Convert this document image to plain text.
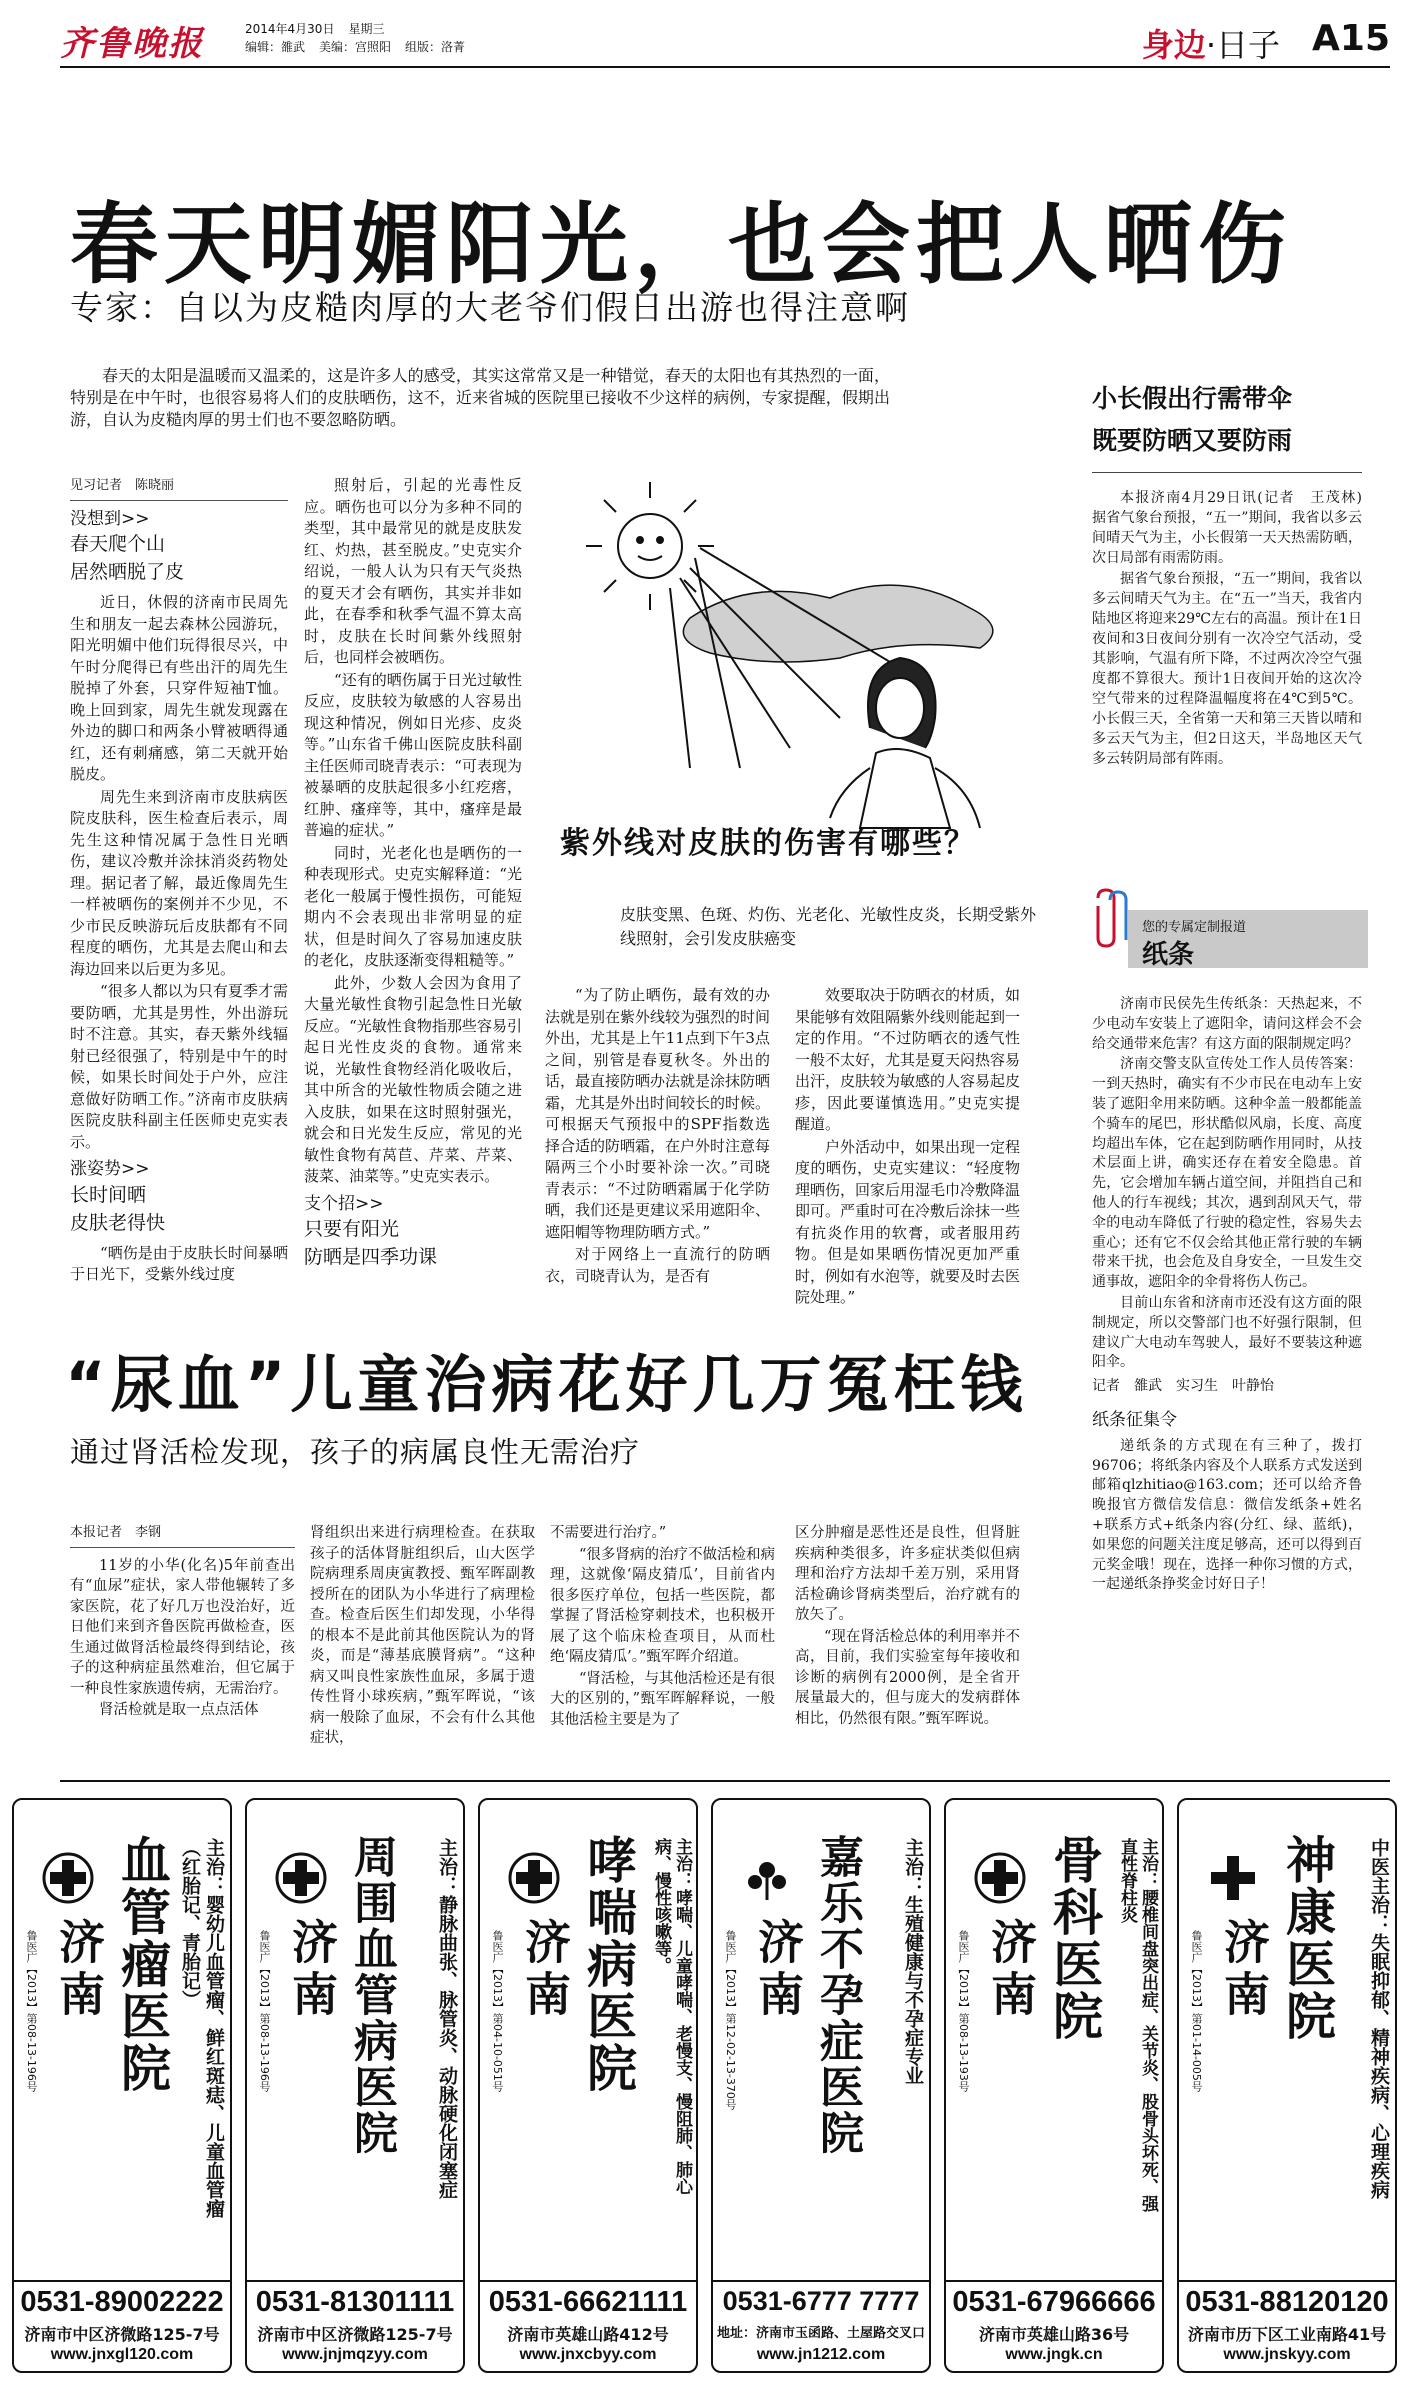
齐鲁晚报	2014年4月30日 星期三
编辑：雒武 美编：宫照阳 组版：洛菁	身边·日子 A15
春天明媚阳光，也会把人晒伤
专家：自以为皮糙肉厚的大老爷们假日出游也得注意啊

春天的太阳是温暖而又温柔的，这是许多人的感受，其实这常常又是一种错觉，春天的太阳也有其热烈的一面，特别是在中午时，也很容易将人们的皮肤晒伤，这不，近来省城的医院里已接收不少这样的病例，专家提醒，假期出游，自认为皮糙肉厚的男士们也不要忽略防晒。

见习记者　陈晓丽
没想到>>
春天爬个山
居然晒脱了皮

近日，休假的济南市民周先生和朋友一起去森林公园游玩，阳光明媚中他们玩得很尽兴，中午时分爬得已有些出汗的周先生脱掉了外套，只穿件短袖T恤。晚上回到家，周先生就发现露在外边的脚口和两条小臂被晒得通红，还有刺痛感，第二天就开始脱皮。

周先生来到济南市皮肤病医院皮肤科，医生检查后表示，周先生这种情况属于急性日光晒伤，建议冷敷并涂抹消炎药物处理。据记者了解，最近像周先生一样被晒伤的案例并不少见，不少市民反映游玩后皮肤都有不同程度的晒伤，尤其是去爬山和去海边回来以后更为多见。

“很多人都以为只有夏季才需要防晒，尤其是男性，外出游玩时不注意。其实，春天紫外线辐射已经很强了，特别是中午的时候，如果长时间处于户外，应注意做好防晒工作。”济南市皮肤病医院皮肤科副主任医师史克实表示。

涨姿势>>
长时间晒
皮肤老得快

“晒伤是由于皮肤长时间暴晒于日光下，受紫外线过度

照射后，引起的光毒性反应。晒伤也可以分为多种不同的类型，其中最常见的就是皮肤发红、灼热，甚至脱皮。”史克实介绍说，一般人认为只有天气炎热的夏天才会有晒伤，其实并非如此，在春季和秋季气温不算太高时，皮肤在长时间紫外线照射后，也同样会被晒伤。

“还有的晒伤属于日光过敏性反应，皮肤较为敏感的人容易出现这种情况，例如日光疹、皮炎等。”山东省千佛山医院皮肤科副主任医师司晓青表示：“可表现为被暴晒的皮肤起很多小红疙瘩，红肿、瘙痒等，其中，瘙痒是最普遍的症状。”

同时，光老化也是晒伤的一种表现形式。史克实解释道：“光老化一般属于慢性损伤，可能短期内不会表现出非常明显的症状，但是时间久了容易加速皮肤的老化，皮肤逐渐变得粗糙等。”

此外，少数人会因为食用了大量光敏性食物引起急性日光敏反应。“光敏性食物指那些容易引起日光性皮炎的食物。通常来说，光敏性食物经消化吸收后，其中所含的光敏性物质会随之进入皮肤，如果在这时照射强光，就会和日光发生反应，常见的光敏性食物有莴苣、芹菜、芹菜、菠菜、油菜等。”史克实表示。

支个招>>
只要有阳光
防晒是四季功课
紫外线对皮肤的伤害有哪些？
皮肤变黑、色斑、灼伤、光老化、光敏性皮炎，长期受紫外线照射，会引发皮肤癌变

“为了防止晒伤，最有效的办法就是别在紫外线较为强烈的时间外出，尤其是上午11点到下午3点之间，别管是春夏秋冬。外出的话，最直接防晒办法就是涂抹防晒霜，尤其是外出时间较长的时候。可根据天气预报中的SPF指数选择合适的防晒霜，在户外时注意每隔两三个小时要补涂一次。”司晓青表示：“不过防晒霜属于化学防晒，我们还是更建议采用遮阳伞、遮阳帽等物理防晒方式。”

对于网络上一直流行的防晒衣，司晓青认为，是否有

效要取决于防晒衣的材质，如果能够有效阻隔紫外线则能起到一定的作用。“不过防晒衣的透气性一般不太好，尤其是夏天闷热容易出汗，皮肤较为敏感的人容易起皮疹，因此要谨慎选用。”史克实提醒道。

户外活动中，如果出现一定程度的晒伤，史克实建议：“轻度物理晒伤，回家后用湿毛巾冷敷降温即可。严重时可在冷敷后涂抹一些有抗炎作用的软膏，或者服用药物。但是如果晒伤情况更加严重时，例如有水泡等，就要及时去医院处理。”

小长假出行需带伞
既要防晒又要防雨

本报济南4月29日讯(记者　王茂林)　据省气象台预报，“五一”期间，我省以多云间晴天气为主，小长假第一天天热需防晒，次日局部有雨需防雨。

据省气象台预报，“五一”期间，我省以多云间晴天气为主。在“五一”当天，我省内陆地区将迎来29℃左右的高温。预计在1日夜间和3日夜间分别有一次冷空气活动，受其影响，气温有所下降，不过两次冷空气强度都不算很大。预计1日夜间开始的这次冷空气带来的过程降温幅度将在4℃到5℃。小长假三天，全省第一天和第三天皆以晴和多云天气为主，但2日这天，半岛地区天气多云转阴局部有阵雨。

您的专属定制报道
纸条

济南市民侯先生传纸条：天热起来，不少电动车安装上了遮阳伞，请问这样会不会给交通带来危害？有这方面的限制规定吗？

济南交警支队宣传处工作人员传答案：一到天热时，确实有不少市民在电动车上安装了遮阳伞用来防晒。这种伞盖一般都能盖个骑车的尾巴，形状酷似风扇，长度、高度均超出车体，它在起到防晒作用同时，从技术层面上讲，确实还存在着安全隐患。首先，它会增加车辆占道空间，并阻挡自己和他人的行车视线；其次，遇到刮风天气，带伞的电动车降低了行驶的稳定性，容易失去重心；还有它不仅会给其他正常行驶的车辆带来干扰，也会危及自身安全，一旦发生交通事故，遮阳伞的伞骨将伤人伤己。

目前山东省和济南市还没有这方面的限制规定，所以交警部门也不好强行限制，但建议广大电动车驾驶人，最好不要装这种遮阳伞。

记者　雒武　实习生　叶静怡
纸条征集令

递纸条的方式现在有三种了，拨打96706；将纸条内容及个人联系方式发送到邮箱qlzhitiao@163.com；还可以给齐鲁晚报官方微信发信息：微信发纸条+姓名+联系方式+纸条内容(分红、绿、蓝纸)，如果您的问题关注度足够高，还可以得到百元奖金哦！现在，选择一种你习惯的方式，一起递纸条挣奖金讨好日子！

“尿血”儿童治病花好几万冤枉钱
通过肾活检发现，孩子的病属良性无需治疗
本报记者　李钢

11岁的小华(化名)5年前查出有“血尿”症状，家人带他辗转了多家医院，花了好几万也没治好，近日他们来到齐鲁医院再做检查，医生通过做肾活检最终得到结论，孩子的这种病症虽然难治，但它属于一种良性家族遗传病，无需治疗。

肾活检就是取一点点活体

肾组织出来进行病理检查。在获取孩子的活体肾脏组织后，山大医学院病理系周庚寅教授、甄军晖副教授所在的团队为小华进行了病理检查。检查后医生们却发现，小华得的根本不是此前其他医院认为的肾炎，而是“薄基底膜肾病”。“这种病又叫良性家族性血尿，多属于遗传性肾小球疾病，”甄军晖说，“该病一般除了血尿，不会有什么其他症状，

不需要进行治疗。”

“很多肾病的治疗不做活检和病理，这就像‘隔皮猜瓜’，目前省内很多医疗单位，包括一些医院，都掌握了肾活检穿刺技术，也积极开展了这个临床检查项目，从而杜绝‘隔皮猜瓜’。”甄军晖介绍道。

“肾活检，与其他活检还是有很大的区别的，”甄军晖解释说，一般其他活检主要是为了

区分肿瘤是恶性还是良性，但肾脏疾病种类很多，许多症状类似但病理和治疗方法却千差万别，采用肾活检确诊肾病类型后，治疗就有的放矢了。

“现在肾活检总体的利用率并不高，目前，我们实验室每年接收和诊断的病例有2000例，是全省开展量最大的，但与庞大的发病群体相比，仍然很有限。”甄军晖说。

鲁医广【2013】第08-13-196号 济南 血管瘤医院	主治：婴幼儿血管瘤、鲜红斑痣、儿童血管瘤（红胎记、青胎记）
0531-89002222
济南市中区济微路125-7号
www.jnxgl120.com
鲁医广【2013】第08-13-196号 济南 周围血管病医院	主治：静脉曲张、脉管炎、动脉硬化闭塞症
0531-81301111
济南市中区济微路125-7号
www.jnjmqzyy.com
鲁医广【2013】第04-10-051号 济南 哮喘病医院	主治：哮喘、儿童哮喘、老慢支、慢阻肺、肺心病、慢性咳嗽等。
0531-66621111
济南市英雄山路412号
www.jnxcbyy.com
鲁医广【2013】第12-02-13-370号 济南 嘉乐不孕症医院	主治：生殖健康与不孕症专业
0531-6777 7777
地址：济南市玉函路、土屋路交叉口
www.jn1212.com
鲁医广【2013】第08-13-193号 济南 骨科医院	主治：腰椎间盘突出症、关节炎、股骨头坏死、强直性脊柱炎
0531-67966666
济南市英雄山路36号
www.jngk.cn
鲁医广【2013】第01-14-005号 济南 神康医院	中医主治：失眠抑郁、精神疾病、心理疾病
0531-88120120
济南市历下区工业南路41号
www.jnskyy.com
